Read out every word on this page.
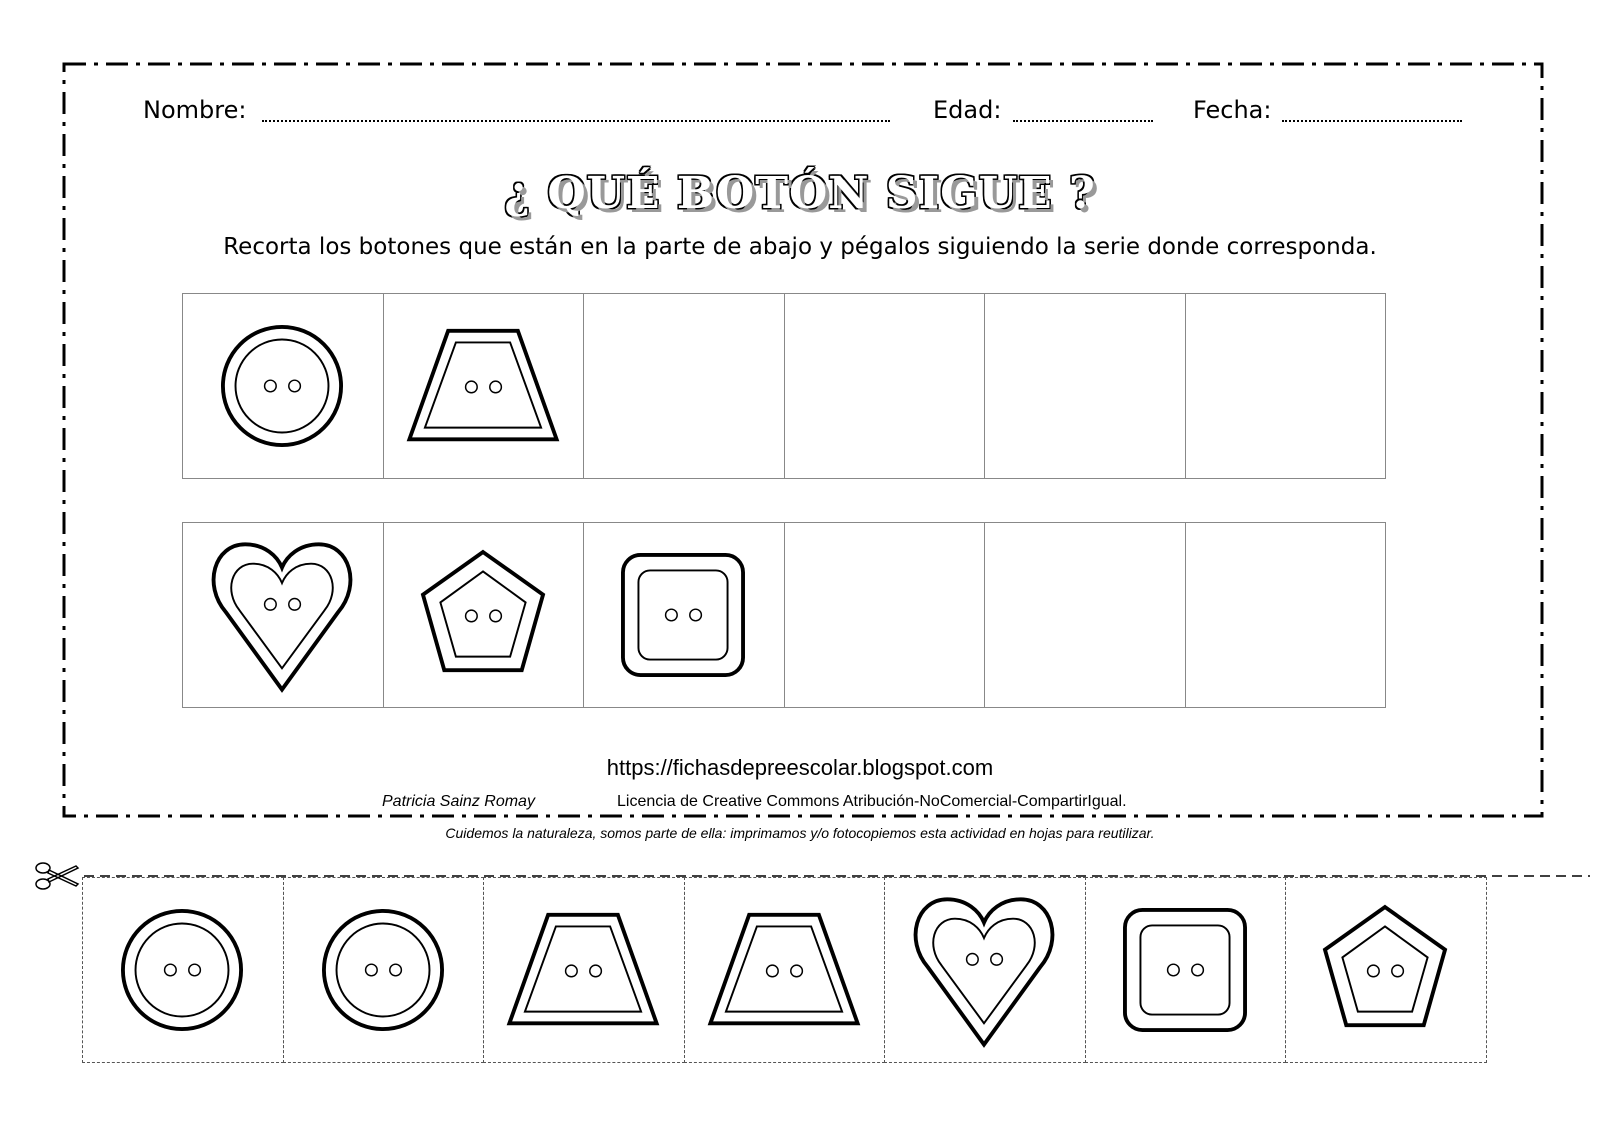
Nombre:	Edad:	Fecha:
¿ QUÉ BOTÓN SIGUE ?
Recorta los botones que están en la parte de abajo y pégalos siguiendo la serie donde corresponda.
https://fichasdepreescolar.blogspot.com
Patricia Sainz Romay	Licencia de Creative Commons Atribución-NoComercial-CompartirIgual.
Cuidemos la naturaleza, somos parte de ella: imprimamos y/o fotocopiemos esta actividad en hojas para reutilizar.
